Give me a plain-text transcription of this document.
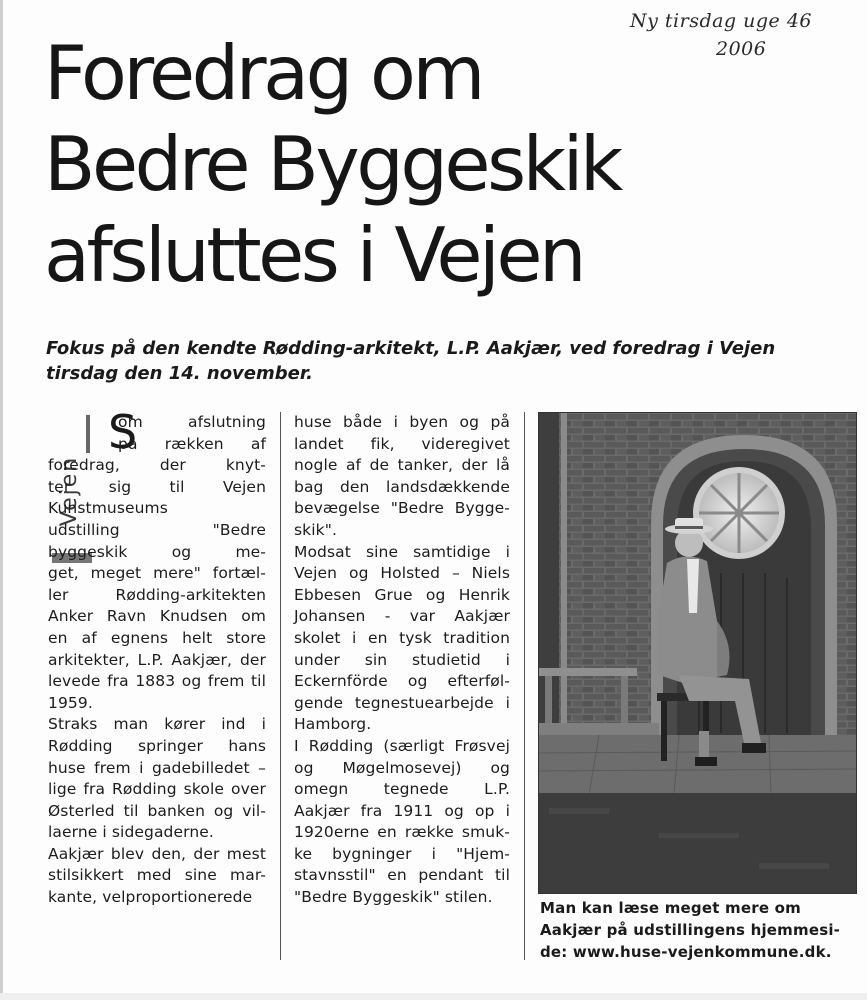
Ny tirsdag uge 46
2006
Foredrag om
Bedre Byggeskik
afsluttes i Vejen

Fokus på den kendte Rødding-arkitekt, L.P. Aakjær, ved foredrag i Vejen tirsdag den 14. november.

Vejen
S
om afslutning
på rækken af
foredrag, der knyt-
ter sig til Vejen
Kunstmuseums
udstilling "Bedre
byggeskik og me-
get, meget mere" fortæl-
ler Rødding-arkitekten
Anker Ravn Knudsen om
en af egnens helt store
arkitekter, L.P. Aakjær, der
levede fra 1883 og frem til
1959.
Straks man kører ind i
Rødding springer hans
huse frem i gadebilledet –
lige fra Rødding skole over
Østerled til banken og vil-
laerne i sidegaderne.
Aakjær blev den, der mest
stilsikkert med sine mar-
kante, velproportionerede
huse både i byen og på
landet fik, videregivet
nogle af de tanker, der lå
bag den landsdækkende
bevægelse "Bedre Bygge-
skik".
Modsat sine samtidige i
Vejen og Holsted – Niels
Ebbesen Grue og Henrik
Johansen - var Aakjær
skolet i en tysk tradition
under sin studietid i
Eckernförde og efterføl-
gende tegnestuearbejde i
Hamborg.
I Rødding (særligt Frøsvej
og Møgelmosevej) og
omegn tegnede L.P.
Aakjær fra 1911 og op i
1920erne en række smuk-
ke bygninger i "Hjem-
stavnsstil" en pendant til
"Bedre Byggeskik" stilen.
Man kan læse meget mere om
Aakjær på udstillingens hjemmesi-
de: www.huse-vejenkommune.dk.
